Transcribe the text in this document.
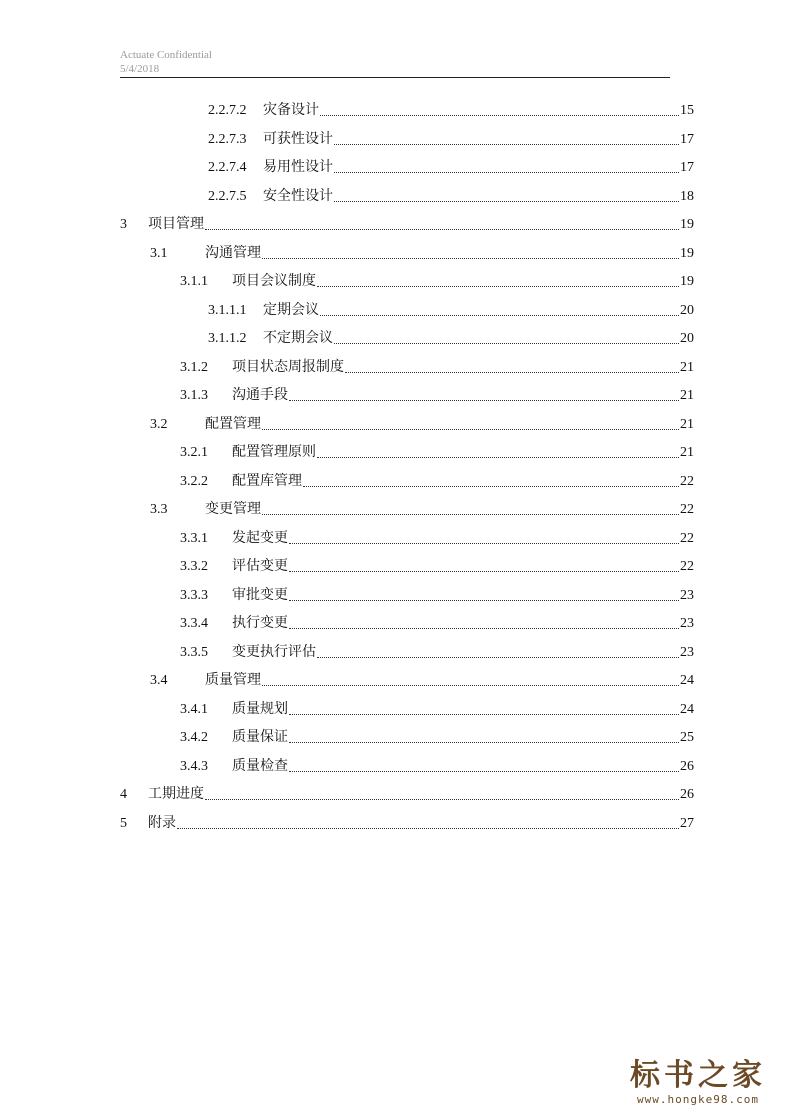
Actuate Confidential
5/4/2018
2.2.7.2	灾备设计	15
2.2.7.3	可获性设计	17
2.2.7.4	易用性设计	17
2.2.7.5	安全性设计	18
3	项目管理	19
3.1	沟通管理	19
3.1.1	项目会议制度	19
3.1.1.1	定期会议	20
3.1.1.2	不定期会议	20
3.1.2	项目状态周报制度	21
3.1.3	沟通手段	21
3.2	配置管理	21
3.2.1	配置管理原则	21
3.2.2	配置库管理	22
3.3	变更管理	22
3.3.1	发起变更	22
3.3.2	评估变更	22
3.3.3	审批变更	23
3.3.4	执行变更	23
3.3.5	变更执行评估	23
3.4	质量管理	24
3.4.1	质量规划	24
3.4.2	质量保证	25
3.4.3	质量检查	26
4	工期进度	26
5	附录	27
标书之家
www.hongke98.com
